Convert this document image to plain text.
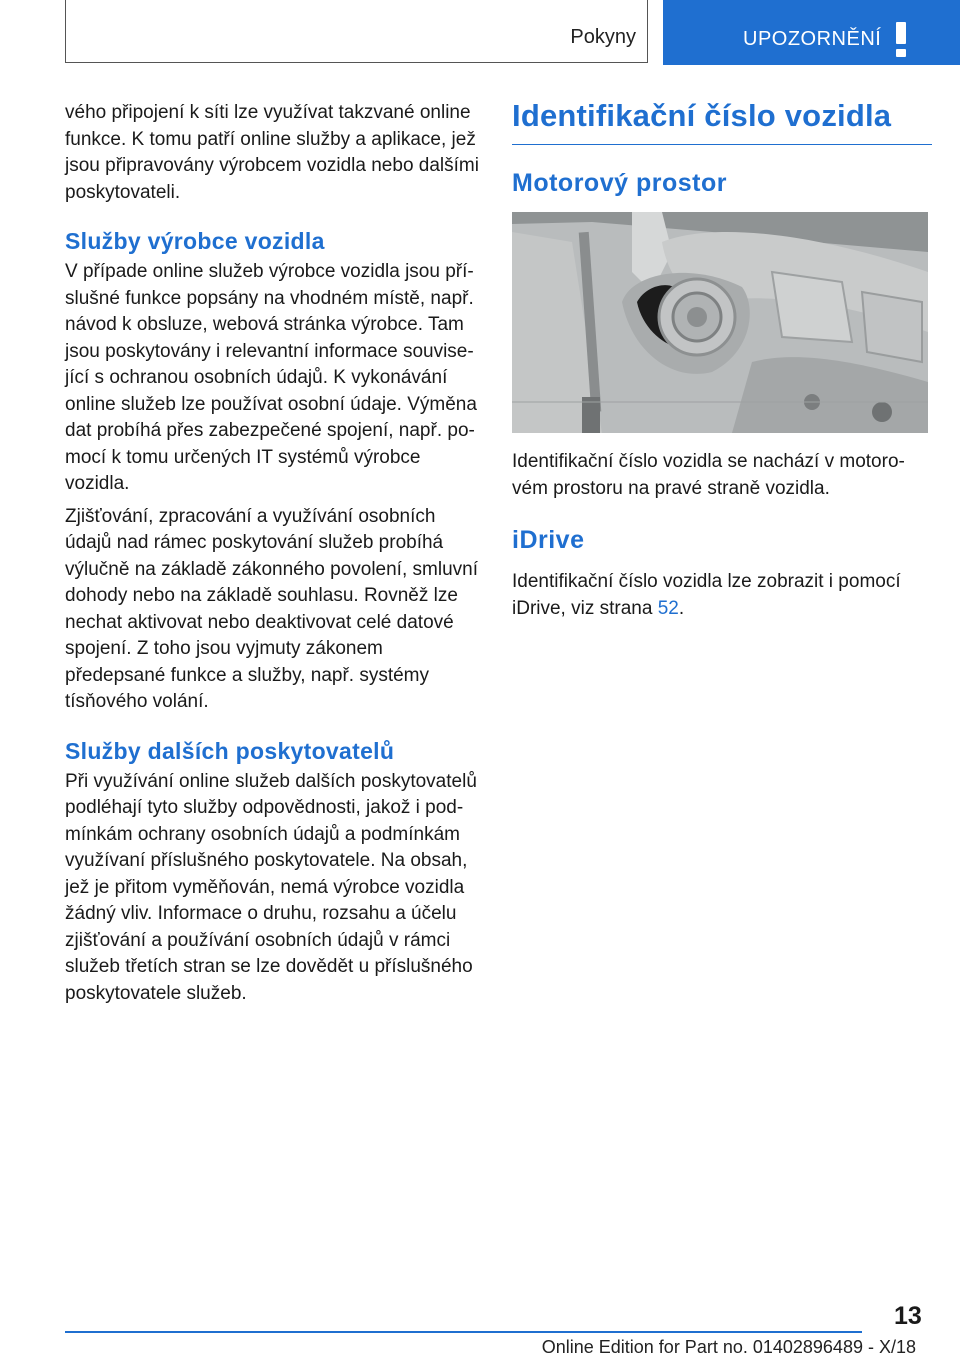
Pokyny	UPOZORNĚNÍ

vého připojení k síti lze využívat takzvané online funkce. K tomu patří online služby a aplikace, jež jsou připravovány výrobcem vozidla nebo dalšími poskytovateli.

Služby výrobce vozidla

V případe online služeb výrobce vozidla jsou příslušné funkce popsány na vhodném místě, např. návod k obsluze, webová stránka výrobce. Tam jsou poskytovány i relevantní informace související s ochranou osobních údajů. K vykonávání online služeb lze používat osobní údaje. Výměna dat probíhá přes zabezpečené spojení, např. pomocí k tomu určených IT systémů výrobce vozidla.

Zjišťování, zpracování a využívání osobních údajů nad rámec poskytování služeb probíhá výlučně na základě zákonného povolení, smluvní dohody nebo na základě souhlasu. Rovněž lze nechat aktivovat nebo deaktivovat celé datové spojení. Z toho jsou vyjmuty zákonem předepsané funkce a služby, např. systémy tísňového volání.

Služby dalších poskytovatelů

Při využívání online služeb dalších poskytovatelů podléhají tyto služby odpovědnosti, jakož i podmínkám ochrany osobních údajů a podmínkám využívaní příslušného poskytovatele. Na obsah, jež je přitom vyměňován, nemá výrobce vozidla žádný vliv. Informace o druhu, rozsahu a účelu zjišťování a používání osobních údajů v rámci služeb třetích stran se lze dovědět u příslušného poskytovatele služeb.

Identifikační číslo vozidla
Motorový prostor

Identifikační číslo vozidla se nachází v motorovém prostoru na pravé straně vozidla.

iDrive

Identifikační číslo vozidla lze zobrazit i pomocí iDrive, viz strana 52.

13
Online Edition for Part no. 01402896489 - X/18
